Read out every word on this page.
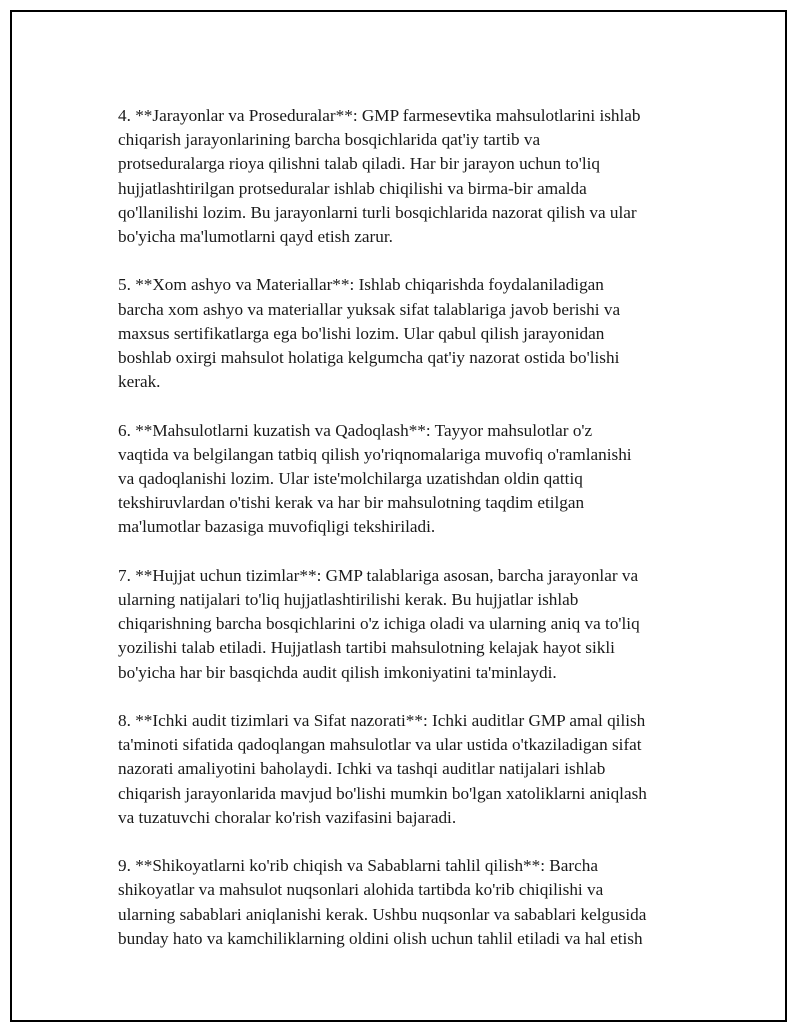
4. **Jarayonlar va Proseduralar**: GMP farmesevtika mahsulotlarini ishlab
chiqarish jarayonlarining barcha bosqichlarida qat'iy tartib va
protseduralarga rioya qilishni talab qiladi. Har bir jarayon uchun to'liq
hujjatlashtirilgan protseduralar ishlab chiqilishi va birma-bir amalda
qo'llanilishi lozim. Bu jarayonlarni turli bosqichlarida nazorat qilish va ular
bo'yicha ma'lumotlarni qayd etish zarur.

5. **Xom ashyo va Materiallar**: Ishlab chiqarishda foydalaniladigan
barcha xom ashyo va materiallar yuksak sifat talablariga javob berishi va
maxsus sertifikatlarga ega bo'lishi lozim. Ular qabul qilish jarayonidan
boshlab oxirgi mahsulot holatiga kelgumcha qat'iy nazorat ostida bo'lishi
kerak.

6. **Mahsulotlarni kuzatish va Qadoqlash**: Tayyor mahsulotlar o'z
vaqtida va belgilangan tatbiq qilish yo'riqnomalariga muvofiq o'ramlanishi
va qadoqlanishi lozim. Ular iste'molchilarga uzatishdan oldin qattiq
tekshiruvlardan o'tishi kerak va har bir mahsulotning taqdim etilgan
ma'lumotlar bazasiga muvofiqligi tekshiriladi.

7. **Hujjat uchun tizimlar**: GMP talablariga asosan, barcha jarayonlar va
ularning natijalari to'liq hujjatlashtirilishi kerak. Bu hujjatlar ishlab
chiqarishning barcha bosqichlarini o'z ichiga oladi va ularning aniq va to'liq
yozilishi talab etiladi. Hujjatlash tartibi mahsulotning kelajak hayot sikli
bo'yicha har bir basqichda audit qilish imkoniyatini ta'minlaydi.

8. **Ichki audit tizimlari va Sifat nazorati**: Ichki auditlar GMP amal qilish
ta'minoti sifatida qadoqlangan mahsulotlar va ular ustida o'tkaziladigan sifat
nazorati amaliyotini baholaydi. Ichki va tashqi auditlar natijalari ishlab
chiqarish jarayonlarida mavjud bo'lishi mumkin bo'lgan xatoliklarni aniqlash
va tuzatuvchi choralar ko'rish vazifasini bajaradi.

9. **Shikoyatlarni ko'rib chiqish va Sabablarni tahlil qilish**: Barcha
shikoyatlar va mahsulot nuqsonlari alohida tartibda ko'rib chiqilishi va
ularning sabablari aniqlanishi kerak. Ushbu nuqsonlar va sabablari kelgusida
bunday hato va kamchiliklarning oldini olish uchun tahlil etiladi va hal etish
